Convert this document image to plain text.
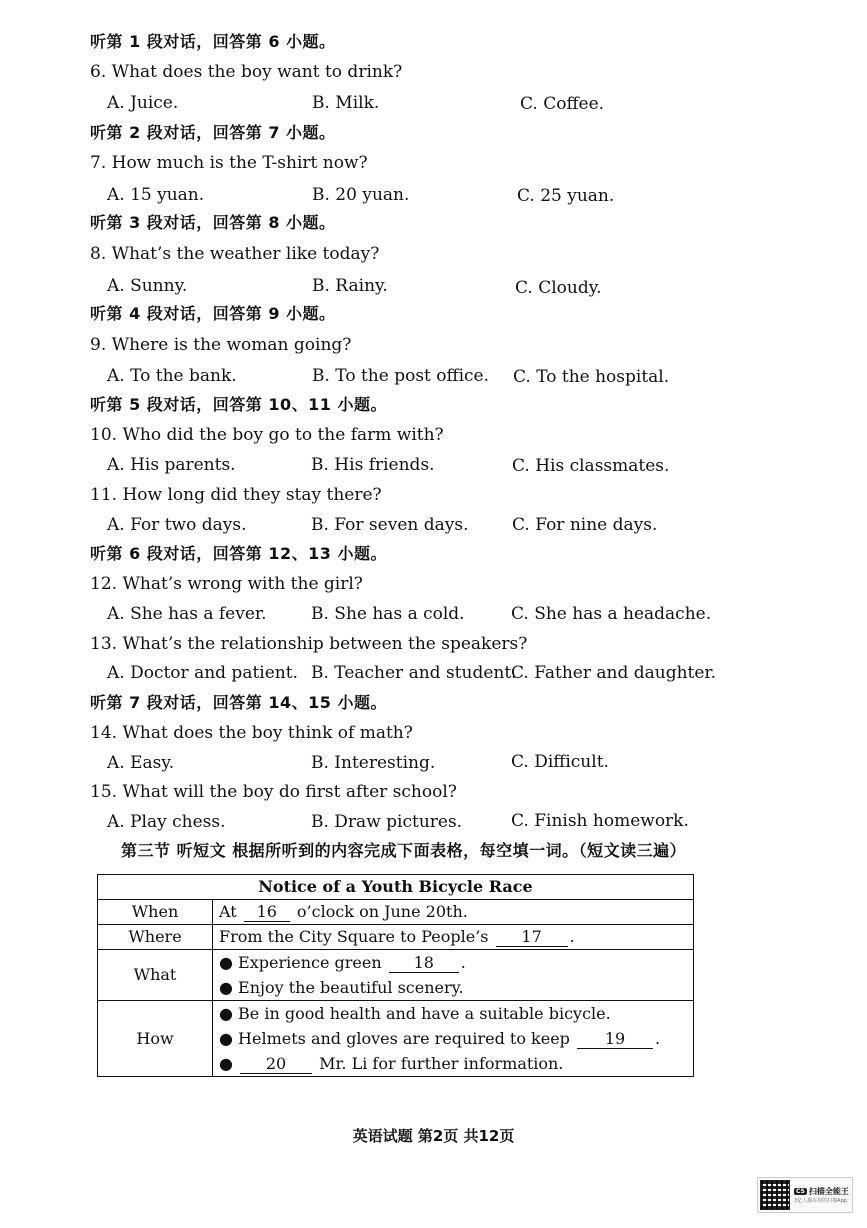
听第 1 段对话，回答第 6 小题。
6. What does the boy want to drink?
A. Juice.	B. Milk.	C. Coffee.
听第 2 段对话，回答第 7 小题。
7. How much is the T-shirt now?
A. 15 yuan.	B. 20 yuan.	C. 25 yuan.
听第 3 段对话，回答第 8 小题。
8. What’s the weather like today?
A. Sunny.	B. Rainy.	C. Cloudy.
听第 4 段对话，回答第 9 小题。
9. Where is the woman going?
A. To the bank.	B. To the post office. C. To the hospital.
听第 5 段对话，回答第 10、11 小题。
10. Who did the boy go to the farm with?
A. His parents.	B. His friends.	C. His classmates.
11. How long did they stay there?
A. For two days.	B. For seven days.	C. For nine days.
听第 6 段对话，回答第 12、13 小题。
12. What’s wrong with the girl?
A. She has a fever.	B. She has a cold.	C. She has a headache.
13. What’s the relationship between the speakers?
A. Doctor and patient. B. Teacher and student.
C. Father and daughter.
听第 7 段对话，回答第 14、15 小题。
14. What does the boy think of math?
A. Easy.	B. Interesting.	C. Difficult.
15. What will the boy do first after school?
A. Play chess.	B. Draw pictures.	C. Finish homework.
第三节 听短文 根据所听到的内容完成下面表格，每空填一词。（短文读三遍）
Notice of a Youth Bicycle Race	
When	At 16 o’clock on June 20th.
Where	From the City Square to People’s 17 .
What	● Experience green 18 .
● Enjoy the beautiful scenery.

How	● Be in good health and have a suitable bicycle.
● Helmets and gloves are required to keep 19 .
● 20 Mr. Li for further information.
英语试题 第2页 共12页
CS 扫描全能王
3亿人都在用的扫描App
